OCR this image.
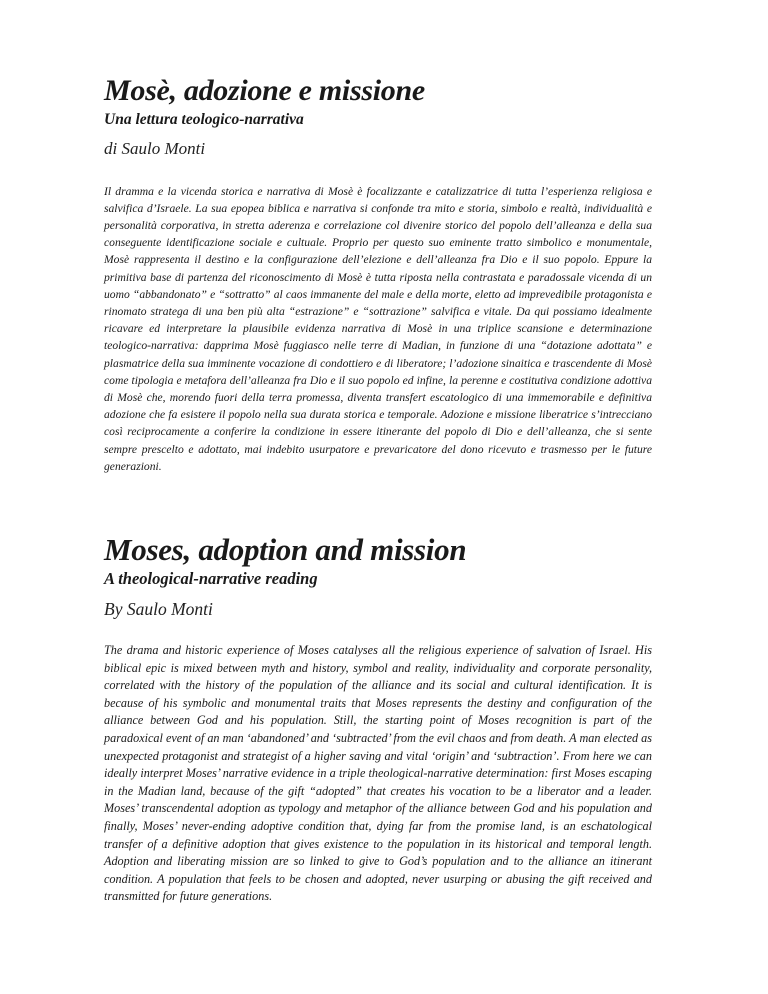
Mosè, adozione e missione
Una lettura teologico-narrativa

di Saulo Monti

Il dramma e la vicenda storica e narrativa di Mosè è focalizzante e catalizzatrice di tutta l’esperienza religiosa e salvifica d’Israele. La sua epopea biblica e narrativa si confonde tra mito e storia, simbolo e realtà, individualità e personalità corporativa, in stretta aderenza e correlazione col divenire storico del popolo dell’alleanza e della sua conseguente identificazione sociale e cultuale. Proprio per questo suo eminente tratto simbolico e monumentale, Mosè rappresenta il destino e la configurazione dell’elezione e dell’alleanza fra Dio e il suo popolo. Eppure la primitiva base di partenza del riconoscimento di Mosè è tutta riposta nella contrastata e paradossale vicenda di un uomo “abbandonato” e “sottratto” al caos immanente del male e della morte, eletto ad imprevedibile protagonista e rinomato stratega di una ben più alta “estrazione” e “sottrazione” salvifica e vitale. Da qui possiamo idealmente ricavare ed interpretare la plausibile evidenza narrativa di Mosè in una triplice scansione e determinazione teologico-narrativa: dapprima Mosè fuggiasco nelle terre di Madian, in funzione di una “dotazione adottata” e plasmatrice della sua imminente vocazione di condottiero e di liberatore; l’adozione sinaitica e trascendente di Mosè come tipologia e metafora dell’alleanza fra Dio e il suo popolo ed infine, la perenne e costitutiva condizione adottiva di Mosè che, morendo fuori della terra promessa, diventa transfert escatologico di una immemorabile e definitiva adozione che fa esistere il popolo nella sua durata storica e temporale. Adozione e missione liberatrice s’intrecciano così reciprocamente a conferire la condizione in essere itinerante del popolo di Dio e dell’alleanza, che si sente sempre prescelto e adottato, mai indebito usurpatore e prevaricatore del dono ricevuto e trasmesso per le future generazioni.

Moses, adoption and mission
A theological-narrative reading

By Saulo Monti

The drama and historic experience of Moses catalyses all the religious experience of salvation of Israel. His biblical epic is mixed between myth and history, symbol and reality, individuality and corporate personality, correlated with the history of the population of the alliance and its social and cultural identification. It is because of his symbolic and monumental traits that Moses represents the destiny and configuration of the alliance between God and his population. Still, the starting point of Moses recognition is part of the paradoxical event of an man ‘abandoned’ and ‘subtracted’ from the evil chaos and from death. A man elected as unexpected protagonist and strategist of a higher saving and vital ‘origin’ and ‘subtraction’. From here we can ideally interpret Moses’ narrative evidence in a triple theological-narrative determination: first Moses escaping in the Madian land, because of the gift “adopted” that creates his vocation to be a liberator and a leader. Moses’ transcendental adoption as typology and metaphor of the alliance between God and his population and finally, Moses’ never-ending adoptive condition that, dying far from the promise land, is an eschatological transfer of a definitive adoption that gives existence to the population in its historical and temporal length. Adoption and liberating mission are so linked to give to God’s population and to the alliance an itinerant condition. A population that feels to be chosen and adopted, never usurping or abusing the gift received and transmitted for future generations.
